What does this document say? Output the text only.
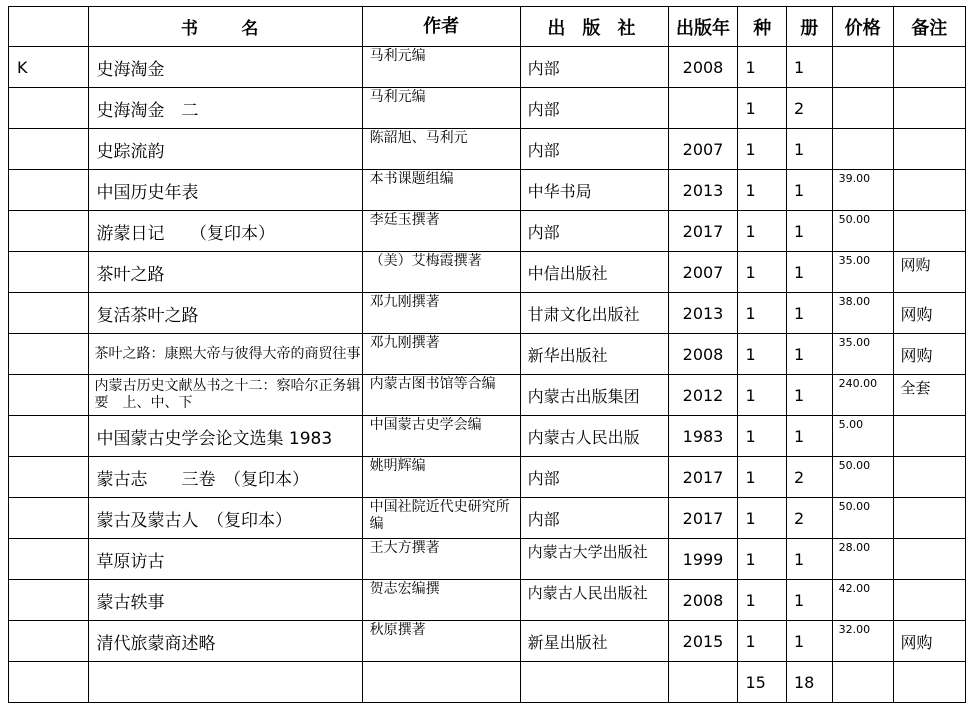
	书 名	作者	出 版 社	出版年	种	册	价格	备注
K	史海淘金	马利元编	内部	2008	1	1		
	史海淘金　二	马利元编	内部		1	2		
	史踪流韵	陈韶旭、马利元	内部	2007	1	1		
	中国历史年表	本书课题组编	中华书局	2013	1	1	39.00	
	游蒙日记　　（复印本）	李廷玉撰著	内部	2017	1	1	50.00	
	茶叶之路	（美）艾梅霞撰著	中信出版社	2007	1	1	35.00	网购
	复活茶叶之路	邓九刚撰著	甘肃文化出版社	2013	1	1	38.00	网购
	茶叶之路：康熙大帝与彼得大帝的商贸往事	邓九刚撰著	新华出版社	2008	1	1	35.00	网购
	内蒙古历史文献丛书之十二：察哈尔正务辑要　上、中、下	内蒙古图书馆等合编	内蒙古出版集团	2012	1	1	240.00	全套
	中国蒙古史学会论文选集 1983	中国蒙古史学会编	内蒙古人民出版	1983	1	1	5.00	
	蒙古志　　三卷　（复印本）	姚明辉编	内部	2017	1	2	50.00	
	蒙古及蒙古人　（复印本）	中国社院近代史研究所编	内部	2017	1	2	50.00	
	草原访古	王大方撰著	内蒙古大学出版社	1999	1	1	28.00	
	蒙古轶事	贺志宏编撰	内蒙古人民出版社	2008	1	1	42.00	
	清代旅蒙商述略	秋原撰著	新星出版社	2015	1	1	32.00	网购
					15	18		
